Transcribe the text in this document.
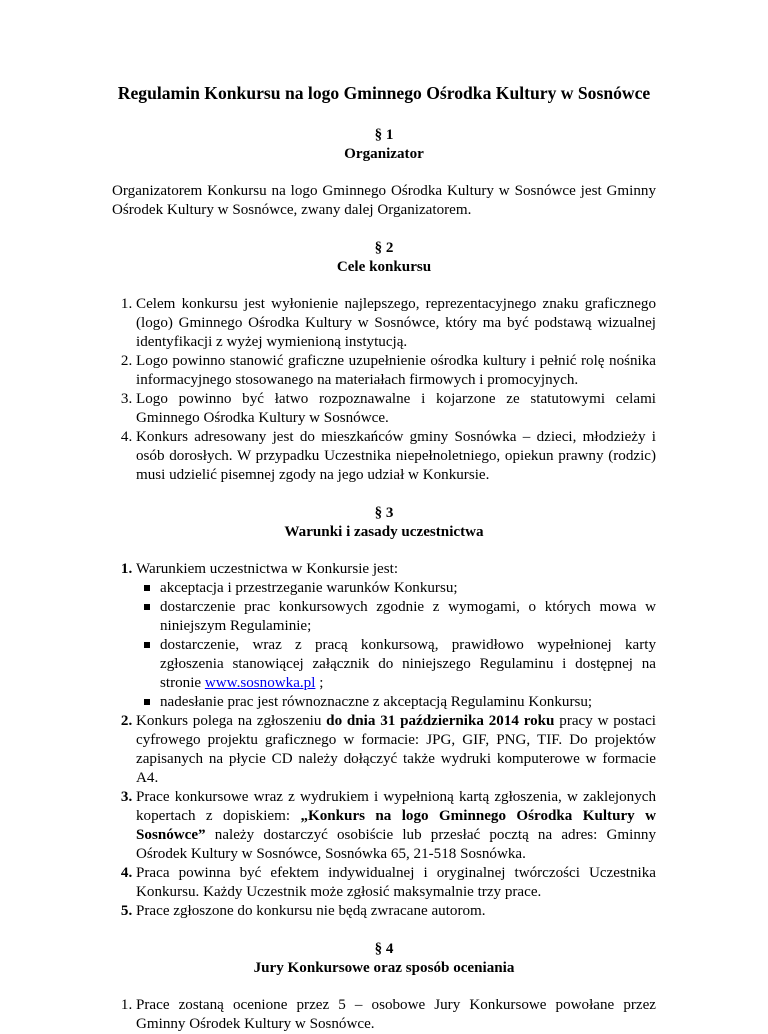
Regulamin Konkursu na logo Gminnego Ośrodka Kultury w Sosnówce
§ 1
Organizator

Organizatorem Konkursu na logo Gminnego Ośrodka Kultury w Sosnówce jest Gminny Ośrodek Kultury w Sosnówce, zwany dalej Organizatorem.

§ 2
Cele konkursu
1. Celem konkursu jest wyłonienie najlepszego, reprezentacyjnego znaku graficznego (logo) Gminnego Ośrodka Kultury w Sosnówce, który ma być podstawą wizualnej identyfikacji z wyżej wymienioną instytucją.
2. Logo powinno stanowić graficzne uzupełnienie ośrodka kultury i pełnić rolę nośnika informacyjnego stosowanego na materiałach firmowych i promocyjnych.
3. Logo powinno być łatwo rozpoznawalne i kojarzone ze statutowymi celami Gminnego Ośrodka Kultury w Sosnówce.
4. Konkurs adresowany jest do mieszkańców gminy Sosnówka – dzieci, młodzieży i osób dorosłych. W przypadku Uczestnika niepełnoletniego, opiekun prawny (rodzic) musi udzielić pisemnej zgody na jego udział w Konkursie.
§ 3
Warunki i zasady uczestnictwa
1. Warunkiem uczestnictwa w Konkursie jest:
akceptacja i przestrzeganie warunków Konkursu;
dostarczenie prac konkursowych zgodnie z wymogami, o których mowa w niniejszym Regulaminie;
dostarczenie, wraz z pracą konkursową, prawidłowo wypełnionej karty zgłoszenia stanowiącej załącznik do niniejszego Regulaminu i dostępnej na stronie www.sosnowka.pl ;
nadesłanie prac jest równoznaczne z akceptacją Regulaminu Konkursu;
2. Konkurs polega na zgłoszeniu do dnia 31 października 2014 roku pracy w postaci cyfrowego projektu graficznego w formacie: JPG, GIF, PNG, TIF. Do projektów zapisanych na płycie CD należy dołączyć także wydruki komputerowe w formacie A4.
3. Prace konkursowe wraz z wydrukiem i wypełnioną kartą zgłoszenia, w zaklejonych kopertach z dopiskiem: „Konkurs na logo Gminnego Ośrodka Kultury w Sosnówce” należy dostarczyć osobiście lub przesłać pocztą na adres: Gminny Ośrodek Kultury w Sosnówce, Sosnówka 65, 21-518 Sosnówka.
4. Praca powinna być efektem indywidualnej i oryginalnej twórczości Uczestnika Konkursu. Każdy Uczestnik może zgłosić maksymalnie trzy prace.
5. Prace zgłoszone do konkursu nie będą zwracane autorom.
§ 4
Jury Konkursowe oraz sposób oceniania
1. Prace zostaną ocenione przez 5 – osobowe Jury Konkursowe powołane przez Gminny Ośrodek Kultury w Sosnówce.
